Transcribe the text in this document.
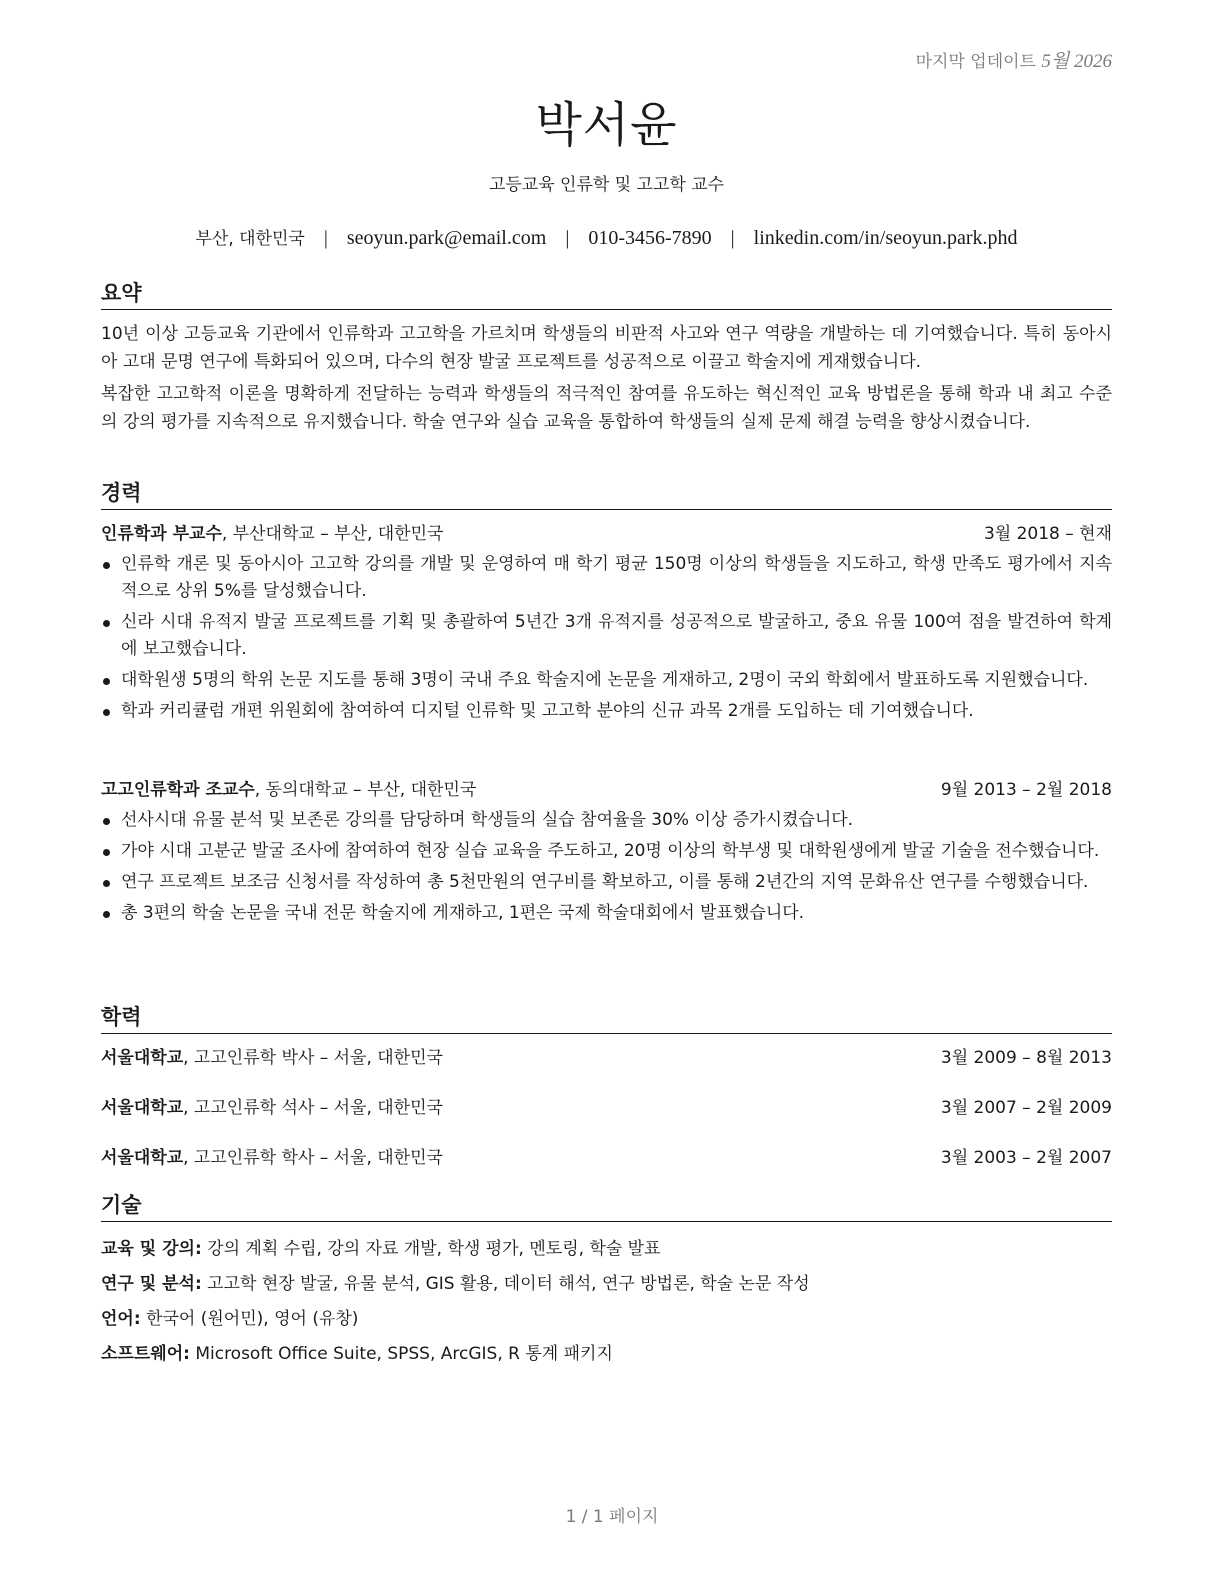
마지막 업데이트 5월 2026
박서윤
고등교육 인류학 및 고고학 교수
부산, 대한민국 | seoyun.park@email.com | 010-3456-7890 | linkedin.com/in/seoyun.park.phd
요약
10년 이상 고등교육 기관에서 인류학과 고고학을 가르치며 학생들의 비판적 사고와 연구 역량을 개발하는 데 기여했습니다. 특히 동아시아 고대 문명 연구에 특화되어 있으며, 다수의 현장 발굴 프로젝트를 성공적으로 이끌고 학술지에 게재했습니다.
복잡한 고고학적 이론을 명확하게 전달하는 능력과 학생들의 적극적인 참여를 유도하는 혁신적인 교육 방법론을 통해 학과 내 최고 수준의 강의 평가를 지속적으로 유지했습니다. 학술 연구와 실습 교육을 통합하여 학생들의 실제 문제 해결 능력을 향상시켰습니다.
경력
인류학과 부교수, 부산대학교 – 부산, 대한민국	3월 2018 – 현재
인류학 개론 및 동아시아 고고학 강의를 개발 및 운영하여 매 학기 평균 150명 이상의 학생들을 지도하고, 학생 만족도 평가에서 지속적으로 상위 5%를 달성했습니다.
신라 시대 유적지 발굴 프로젝트를 기획 및 총괄하여 5년간 3개 유적지를 성공적으로 발굴하고, 중요 유물 100여 점을 발견하여 학계에 보고했습니다.
대학원생 5명의 학위 논문 지도를 통해 3명이 국내 주요 학술지에 논문을 게재하고, 2명이 국외 학회에서 발표하도록 지원했습니다.
학과 커리큘럼 개편 위원회에 참여하여 디지털 인류학 및 고고학 분야의 신규 과목 2개를 도입하는 데 기여했습니다.
고고인류학과 조교수, 동의대학교 – 부산, 대한민국	9월 2013 – 2월 2018
선사시대 유물 분석 및 보존론 강의를 담당하며 학생들의 실습 참여율을 30% 이상 증가시켰습니다.
가야 시대 고분군 발굴 조사에 참여하여 현장 실습 교육을 주도하고, 20명 이상의 학부생 및 대학원생에게 발굴 기술을 전수했습니다.
연구 프로젝트 보조금 신청서를 작성하여 총 5천만원의 연구비를 확보하고, 이를 통해 2년간의 지역 문화유산 연구를 수행했습니다.
총 3편의 학술 논문을 국내 전문 학술지에 게재하고, 1편은 국제 학술대회에서 발표했습니다.
학력
서울대학교, 고고인류학 박사 – 서울, 대한민국	3월 2009 – 8월 2013
서울대학교, 고고인류학 석사 – 서울, 대한민국	3월 2007 – 2월 2009
서울대학교, 고고인류학 학사 – 서울, 대한민국	3월 2003 – 2월 2007
기술
교육 및 강의: 강의 계획 수립, 강의 자료 개발, 학생 평가, 멘토링, 학술 발표
연구 및 분석: 고고학 현장 발굴, 유물 분석, GIS 활용, 데이터 해석, 연구 방법론, 학술 논문 작성
언어: 한국어 (원어민), 영어 (유창)
소프트웨어: Microsoft Office Suite, SPSS, ArcGIS, R 통계 패키지
1 / 1 페이지
